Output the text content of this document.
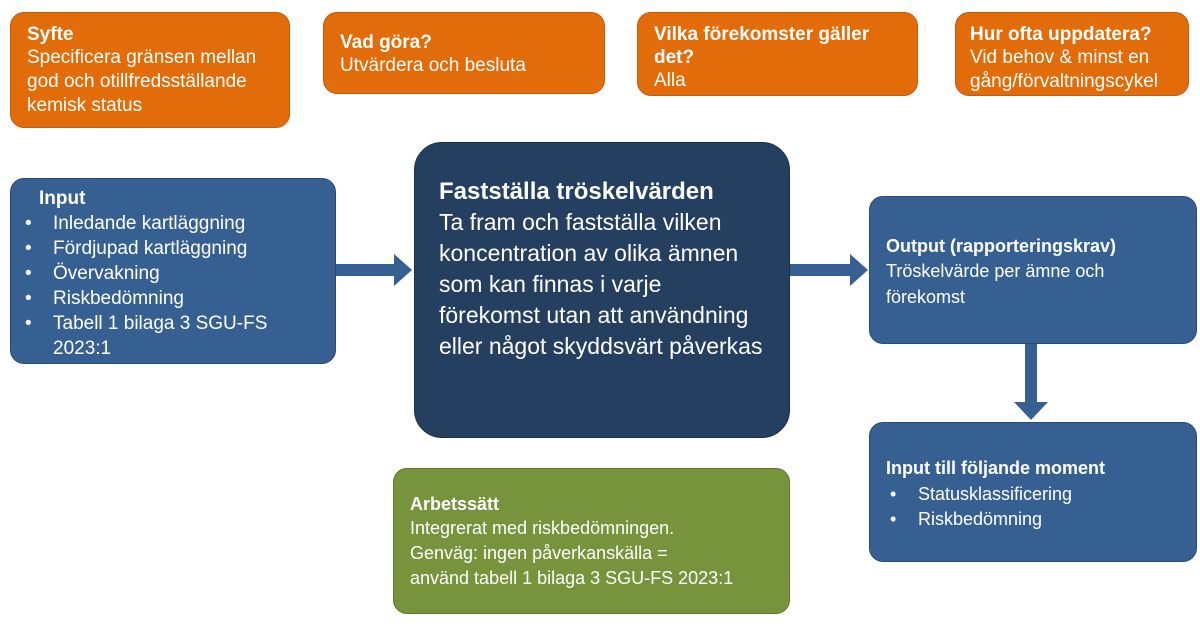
Syfte
Specificera gränsen mellan god och otillfredsställande kemisk status
Vad göra?
Utvärdera och besluta
Vilka förekomster gäller det?
Alla
Hur ofta uppdatera?
Vid behov & minst en gång/förvaltningscykel
Input
• Inledande kartläggning
• Fördjupad kartläggning
• Övervakning
• Riskbedömning
• Tabell 1 bilaga 3 SGU-FS 2023:1
Fastställa tröskelvärden
Ta fram och fastställa vilken koncentration av olika ämnen som kan finnas i varje förekomst utan att användning eller något skyddsvärt påverkas
Output (rapporteringskrav)
Tröskelvärde per ämne och förekomst
Input till följande moment
• Statusklassificering
• Riskbedömning
Arbetssätt
Integrerat med riskbedömningen.
Genväg: ingen påverkanskälla =
använd tabell 1 bilaga 3 SGU-FS 2023:1
